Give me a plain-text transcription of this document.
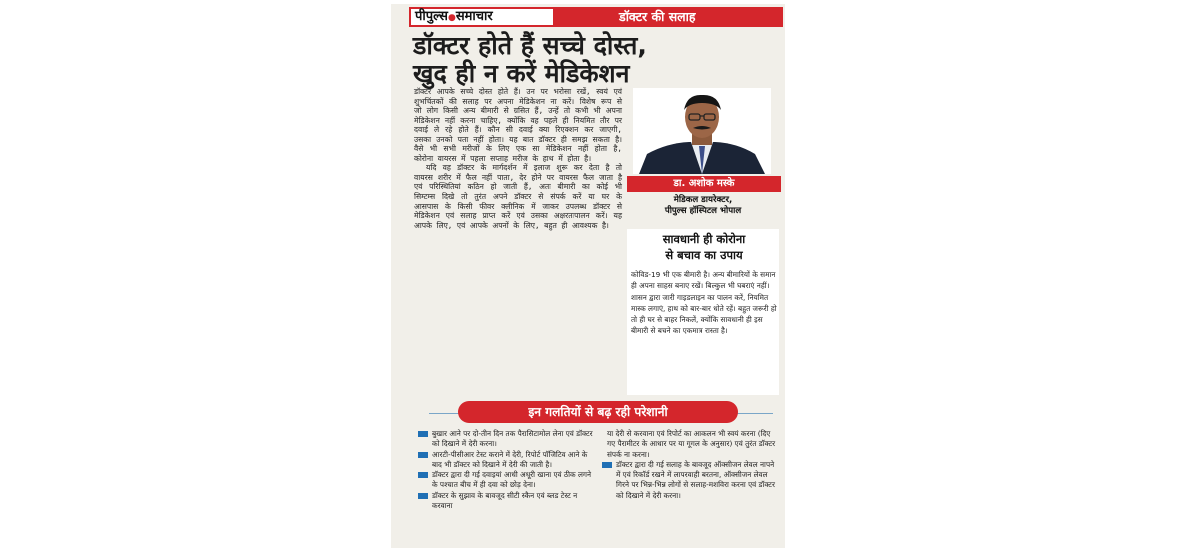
पीपुल्स●समाचार	डॉक्टर की सलाह
डॉक्टर होते हैं सच्चे दोस्त,
खुद ही न करें मेडिकेशन

डॉक्टर आपके सच्चे दोस्त होते हैं। उन पर भरोसा रखें, स्वयं एवं शुभचिंतकों की सलाह पर अपना मेडिकेशन ना करें। विशेष रूप से जो लोग किसी अन्य बीमारी से ग्रसित हैं, उन्हें तो कभी भी अपना मेडिकेशन नहीं करना चाहिए, क्योंकि वह पहले ही नियमित तौर पर दवाई ले रहे होते हैं। कौन सी दवाई क्या रिएक्शन कर जाएगी, उसका उनको पता नहीं होता। यह बात डॉक्टर ही समझ सकता है। वैसे भी सभी मरीजों के लिए एक सा मेडिकेशन नहीं होता है, कोरोना वायरस में पहला सप्ताह मरीज के हाथ में होता है।

यदि वह डॉक्टर के मार्गदर्शन में इलाज शुरू कर देता है तो वायरस शरीर में फैल नहीं पाता, देर होने पर वायरस फैल जाता है एवं परिस्थितियां कठिन हो जाती हैं, अतः बीमारी का कोई भी सिम्टम्स दिखे तो तुरंत अपने डॉक्टर से संपर्क करें या घर के आसपास के किसी फीवर क्लीनिक में जाकर उपलब्ध डॉक्टर से मेडिकेशन एवं सलाह प्राप्त करें एवं उसका अक्षरतःपालन करें। यह आपके लिए, एवं आपके अपनों के लिए, बहुत ही आवश्यक है।

डा. अशोक मस्के
मेडिकल डायरेक्टर,
पीपुल्स हॉस्पिटल भोपाल
सावधानी ही कोरोना
से बचाव का उपाय
कोविड-19 भी एक बीमारी है। अन्य बीमारियों के समान ही अपना साहस बनाए रखें। बिल्कुल भी घबराएं नहीं। शासन द्वारा जारी गाइडलाइन का पालन करें, नियमित मास्क लगाएं, हाथ को बार-बार धोते रहें। बहुत जरूरी हो तो ही घर से बाहर निकलें, क्योंकि सावधानी ही इस बीमारी से बचने का एकमात्र रास्ता है।
इन गलतियों से बढ़ रही परेशानी

बुखार आने पर दो-तीन दिन तक पैरासिटामोल लेना एवं डॉक्टर को दिखाने में देरी करना।

आरटी-पीसीआर टेस्ट कराने में देरी, रिपोर्ट पॉजिटिव आने के बाद भी डॉक्टर को दिखाने में देरी की जाती है।

डॉक्टर द्वारा दी गई दवाइयां आधी अधूरी खाना एवं ठीक लगने के पश्चात बीच में ही दवा को छोड़ देना।

डॉक्टर के सुझाव के बावजूद सीटी स्कैन एवं ब्लड टेस्ट न करवाना

या देरी से करवाना एवं रिपोर्ट का आकलन भी स्वयं करना (दिए गए पैरामीटर के आधार पर या गूगल के अनुसार) एवं तुरंत डॉक्टर संपर्क ना करना।

डॉक्टर द्वारा दी गई सलाह के बावजूद ऑक्सीजन लेवल नापने में एवं रिकॉर्ड रखने में लापरवाही बरतना, ऑक्सीजन लेवल गिरने पर भिन्न-भिन्न लोगों से सलाह-मशविरा करना एवं डॉक्टर को दिखाने में देरी करना।
